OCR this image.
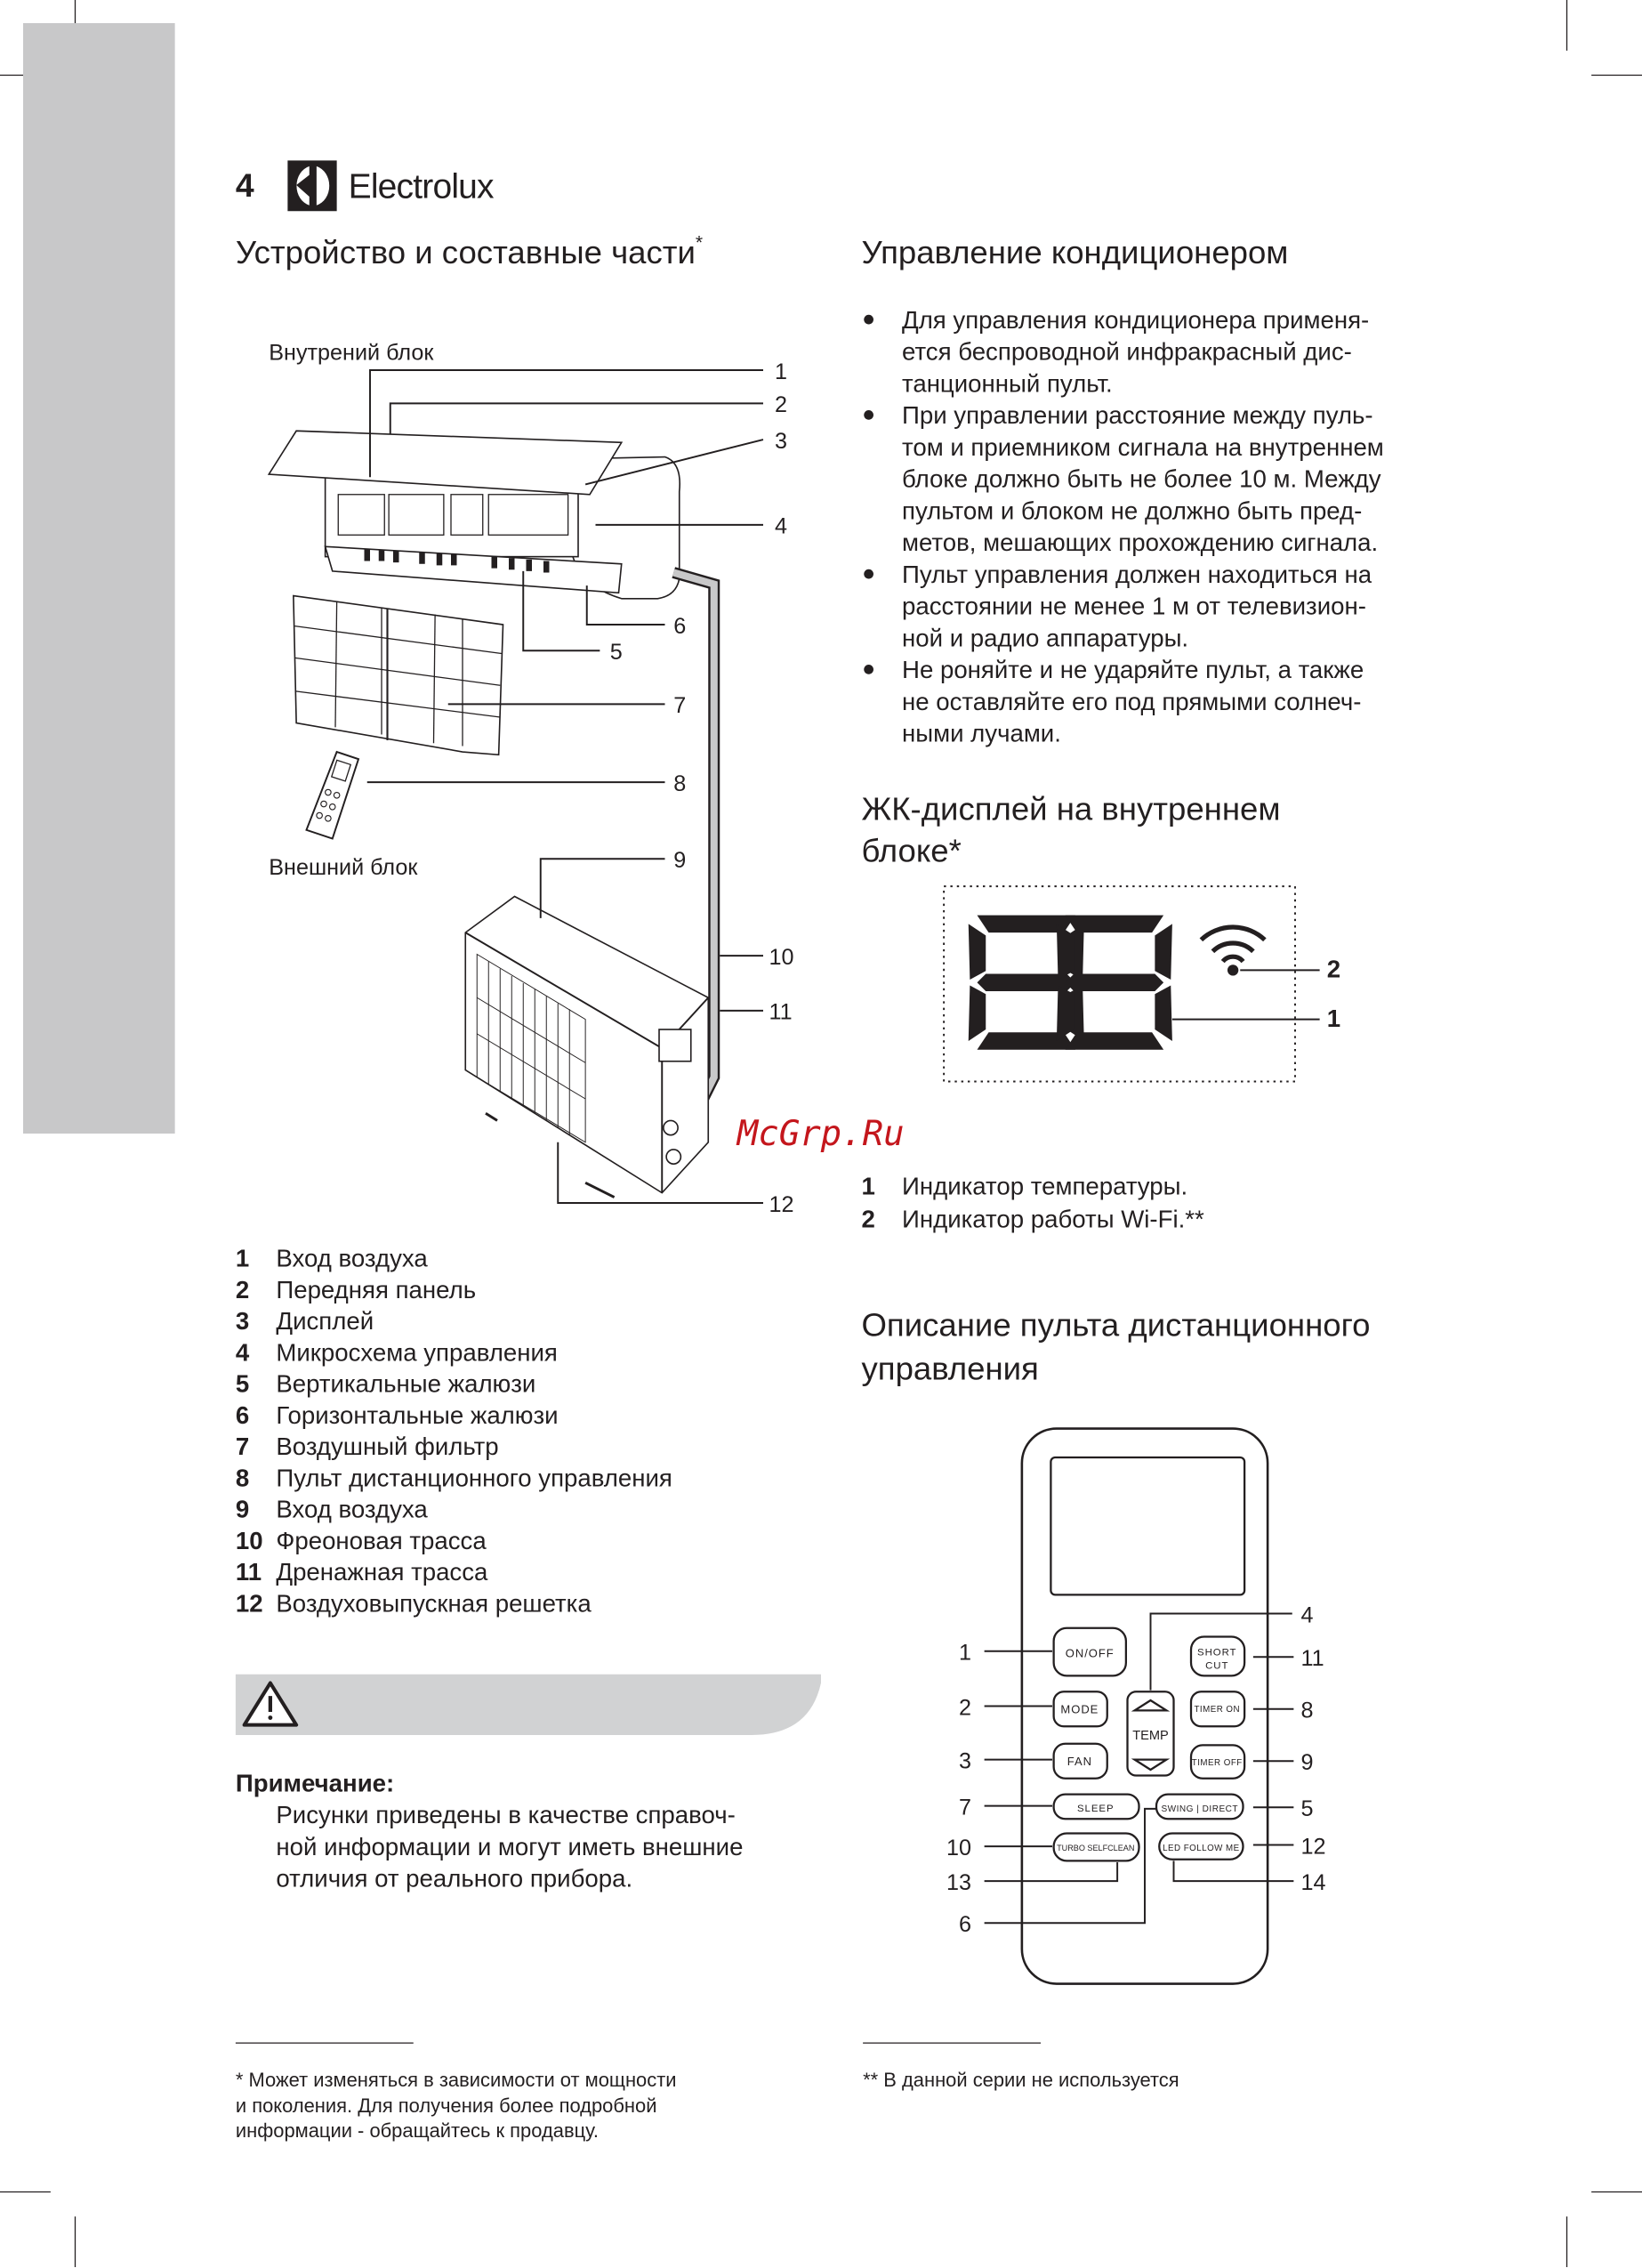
4	Electrolux
Устройство и составные части*
Внутрений блок
Внешний блок
1
2
3
4
5
6
7
8
9
10
11
12
1 Вход воздуха
2 Передняя панель
3 Дисплей
4 Микросхема управления
5 Вертикальные жалюзи
6 Горизонтальные жалюзи
7 Воздушный фильтр
8 Пульт дистанционного управления
9 Вход воздуха
10 Фреоновая трасса
11 Дренажная трасса
12 Воздуховыпускная решетка
Примечание:
Рисунки приведены в качестве справоч-
ной информации и могут иметь внешние
отличия от реального прибора.
Управление кондиционером
Для управления кондиционера применя-
ется беспроводной инфракрасный дис-
танционный пульт.
При управлении расстояние между пуль-
том и приемником сигнала на внутреннем
блоке должно быть не более 10 м. Между
пультом и блоком не должно быть пред-
метов, мешающих прохождению сигнала.
Пульт управления должен находиться на
расстоянии не менее 1 м от телевизион-
ной и радио аппаратуры.
Не роняйте и не ударяйте пульт, а также
не оставляйте его под прямыми солнеч-
ными лучами.
ЖК-дисплей на внутреннем
блоке*
2
1
McGrp.Ru
1 Индикатор температуры.
2 Индикатор работы Wi-Fi.**
Описание пульта дистанционного
управления
ON/OFF	SHORT
CUT
MODE
TEMP
TIMER ON
FAN	TIMER OFF
SLEEP	SWING | DIRECT
TURBO SELFCLEAN	LED FOLLOW ME
1
2
3
7
10
13
6
4
11
8
9
5
12
14
* Может изменяться в зависимости от мощности
и поколения. Для получения более подробной
информации - обращайтесь к продавцу.
** В данной серии не используется
